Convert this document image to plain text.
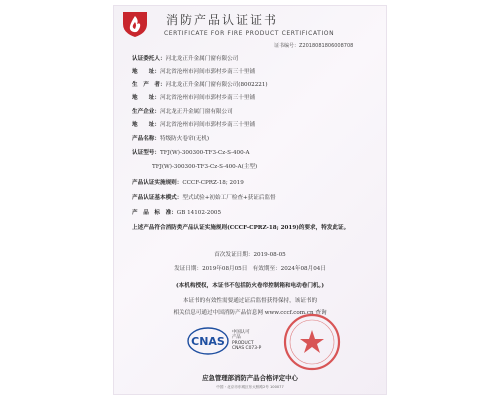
消防产品认证证书
CERTIFICATE FOR FIRE PRODUCT CERTIFICATION
证书编号：Z2018081806008708
认证委托人：河北龙正升金属门窗有限公司
地　　址：河北省沧州市河间市郭村乡南三十里铺
生　产　者：河北龙正升金属门窗有限公司(8002221)
地　　址：河北省沧州市河间市郭村乡南三十里铺
生产企业：河北龙正升金属门窗有限公司
地　　址：河北省沧州市河间市郭村乡南三十里铺
产品名称：特级防火卷帘(无机)
认证型号：TFJ(W)-300300-TF3-Cz-S-400-A
TFJ(W)-300300-TF3-Cz-S-400-A(主型)
产品认证实施规则：CCCF-CPRZ-18; 2019
产品认证基本模式：型式试验+初始工厂检查+获证后监督
产　品　标　准：GB 14102-2005
上述产品符合消防类产品认证实施规则(CCCF-CPRZ-18; 2019)的要求，特发此证。
首次发证日期：2019-08-05
发证日期：2019年08月05日 有效期至：2024年08月04日
(本机构授权，本证书不包括防火卷帘控制箱和电动卷门机。)
本证书的有效性需要通过证后监督获得保持，该证书的
相关信息可通过中国消防产品信息网 www.cccf.com.cn 查询
CNAS
中国认可
产品
PRODUCT
CNAS C073-P
应急管理部消防产品合格评定中心
中国・北京市东城区东大桥路2号 100077
